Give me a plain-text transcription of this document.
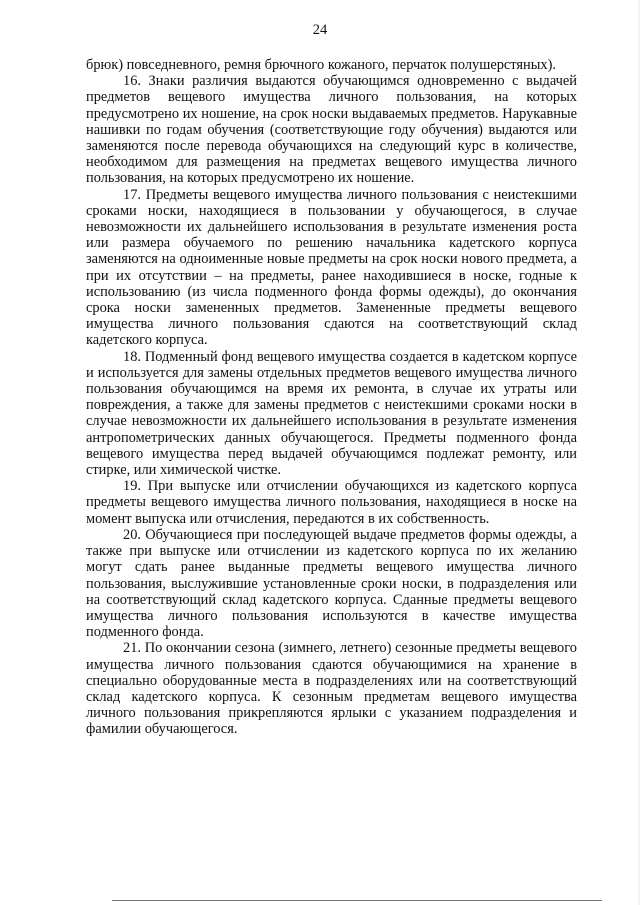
24

брюк) повседневного, ремня брючного кожаного, перчаток полушерстяных).

16. Знаки различия выдаются обучающимся одновременно с выдачей предметов вещевого имущества личного пользования, на которых предусмотрено их ношение, на срок носки выдаваемых предметов. Нарукавные нашивки по годам обучения (соответствующие году обучения) выдаются или заменяются после перевода обучающихся на следующий курс в количестве, необходимом для размещения на предметах вещевого имущества личного пользования, на которых предусмотрено их ношение.

17. Предметы вещевого имущества личного пользования с неистекшими сроками носки, находящиеся в пользовании у обучающегося, в случае невозможности их дальнейшего использования в результате изменения роста или размера обучаемого по решению начальника кадетского корпуса заменяются на одноименные новые предметы на срок носки нового предмета, а при их отсутствии – на предметы, ранее находившиеся в носке, годные к использованию (из числа подменного фонда формы одежды), до окончания срока носки замененных предметов. Замененные предметы вещевого имущества личного пользования сдаются на соответствующий склад кадетского корпуса.

18. Подменный фонд вещевого имущества создается в кадетском корпусе и используется для замены отдельных предметов вещевого имущества личного пользования обучающимся на время их ремонта, в случае их утраты или повреждения, а также для замены предметов с неистекшими сроками носки в случае невозможности их дальнейшего использования в результате изменения антропометрических данных обучающегося. Предметы подменного фонда вещевого имущества перед выдачей обучающимся подлежат ремонту, или стирке, или химической чистке.

19. При выпуске или отчислении обучающихся из кадетского корпуса предметы вещевого имущества личного пользования, находящиеся в носке на момент выпуска или отчисления, передаются в их собственность.

20. Обучающиеся при последующей выдаче предметов формы одежды, а также при выпуске или отчислении из кадетского корпуса по их желанию могут сдать ранее выданные предметы вещевого имущества личного пользования, выслужившие установленные сроки носки, в подразделения или на соответствующий склад кадетского корпуса. Сданные предметы вещевого имущества личного пользования используются в качестве имущества подменного фонда.

21. По окончании сезона (зимнего, летнего) сезонные предметы вещевого имущества личного пользования сдаются обучающимися на хранение в специально оборудованные места в подразделениях или на соответствующий склад кадетского корпуса. К сезонным предметам вещевого имущества личного пользования прикрепляются ярлыки с указанием подразделения и фамилии обучающегося.
